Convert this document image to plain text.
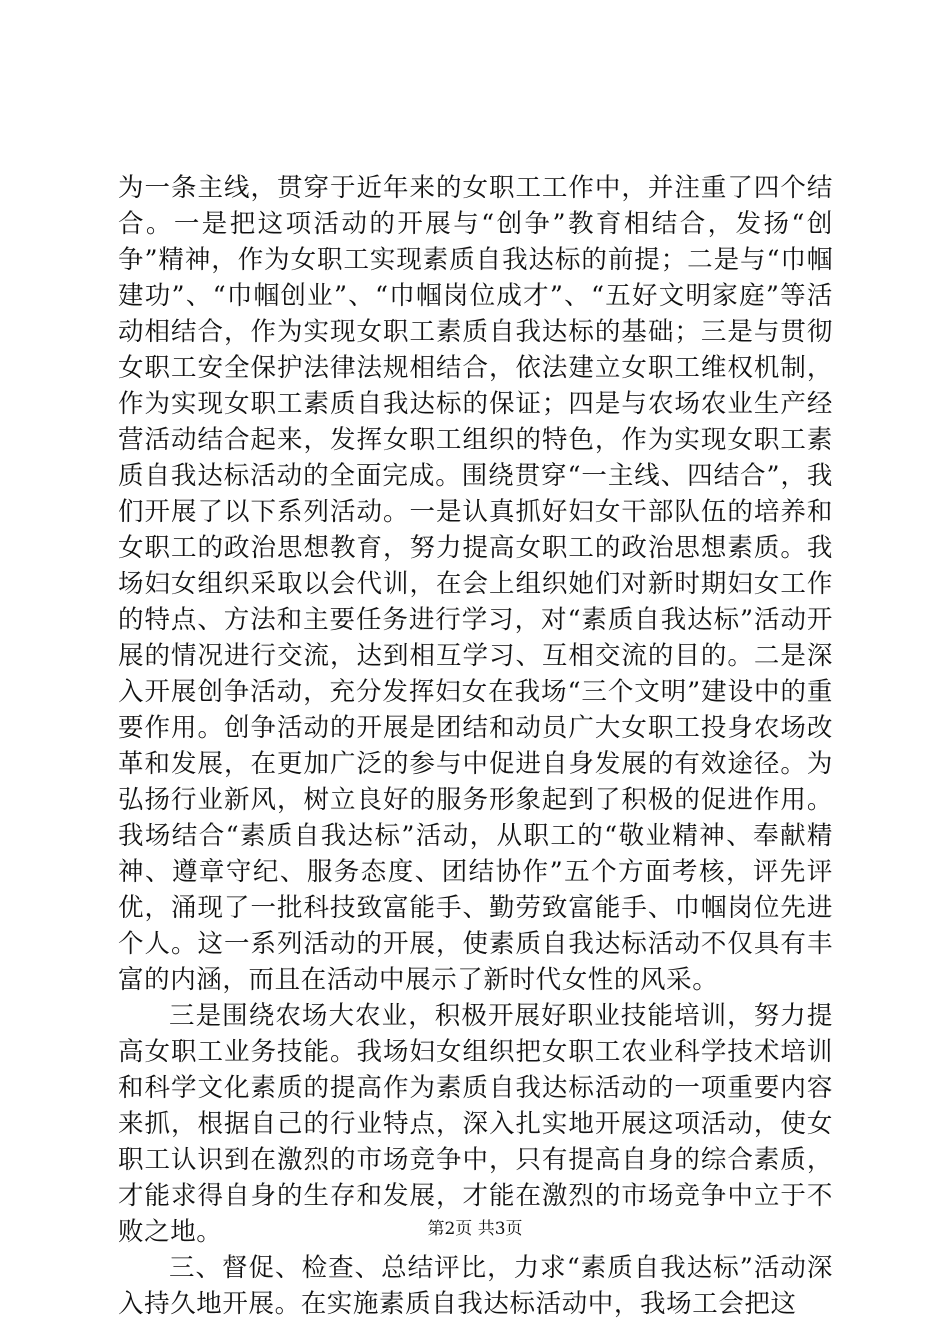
为一条主线，贯穿于近年来的女职工工作中，并注重了四个结合。一是把这项活动的开展与“创争”教育相结合，发扬“创争”精神，作为女职工实现素质自我达标的前提；二是与“巾帼建功”、“巾帼创业”、“巾帼岗位成才”、“五好文明家庭”等活动相结合，作为实现女职工素质自我达标的基础；三是与贯彻女职工安全保护法律法规相结合，依法建立女职工维权机制，作为实现女职工素质自我达标的保证；四是与农场农业生产经营活动结合起来，发挥女职工组织的特色，作为实现女职工素质自我达标活动的全面完成。围绕贯穿“一主线、四结合”，我们开展了以下系列活动。一是认真抓好妇女干部队伍的培养和女职工的政治思想教育，努力提高女职工的政治思想素质。我场妇女组织采取以会代训，在会上组织她们对新时期妇女工作的特点、方法和主要任务进行学习，对“素质自我达标”活动开展的情况进行交流，达到相互学习、互相交流的目的。二是深入开展创争活动，充分发挥妇女在我场“三个文明”建设中的重要作用。创争活动的开展是团结和动员广大女职工投身农场改革和发展，在更加广泛的参与中促进自身发展的有效途径。为弘扬行业新风，树立良好的服务形象起到了积极的促进作用。我场结合“素质自我达标”活动，从职工的“敬业精神、奉献精神、遵章守纪、服务态度、团结协作”五个方面考核，评先评优，涌现了一批科技致富能手、勤劳致富能手、巾帼岗位先进个人。这一系列活动的开展，使素质自我达标活动不仅具有丰富的内涵，而且在活动中展示了新时代女性的风采。

三是围绕农场大农业，积极开展好职业技能培训，努力提高女职工业务技能。我场妇女组织把女职工农业科学技术培训和科学文化素质的提高作为素质自我达标活动的一项重要内容来抓，根据自己的行业特点，深入扎实地开展这项活动，使女职工认识到在激烈的市场竞争中，只有提高自身的综合素质，才能求得自身的生存和发展，才能在激烈的市场竞争中立于不败之地。

三、督促、检查、总结评比，力求“素质自我达标”活动深入持久地开展。在实施素质自我达标活动中，我场工会把这

第2页 共3页
